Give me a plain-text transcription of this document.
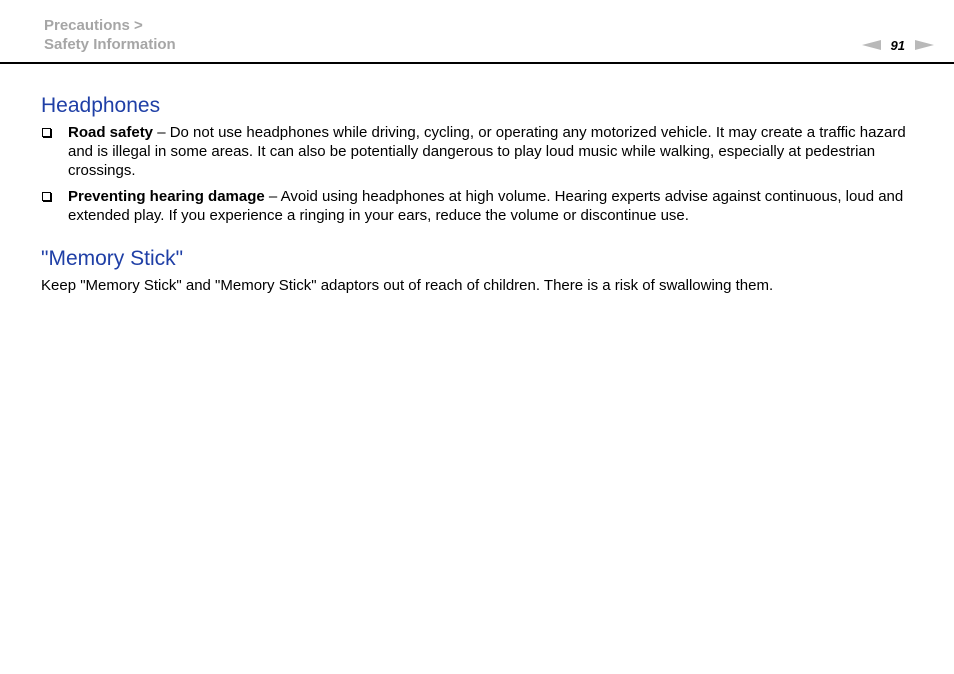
Precautions >
Safety Information	91
Headphones
Road safety – Do not use headphones while driving, cycling, or operating any motorized vehicle. It may create a traffic hazard and is illegal in some areas. It can also be potentially dangerous to play loud music while walking, especially at pedestrian crossings.
Preventing hearing damage – Avoid using headphones at high volume. Hearing experts advise against continuous, loud and extended play. If you experience a ringing in your ears, reduce the volume or discontinue use.
"Memory Stick"

Keep "Memory Stick" and "Memory Stick" adaptors out of reach of children. There is a risk of swallowing them.
